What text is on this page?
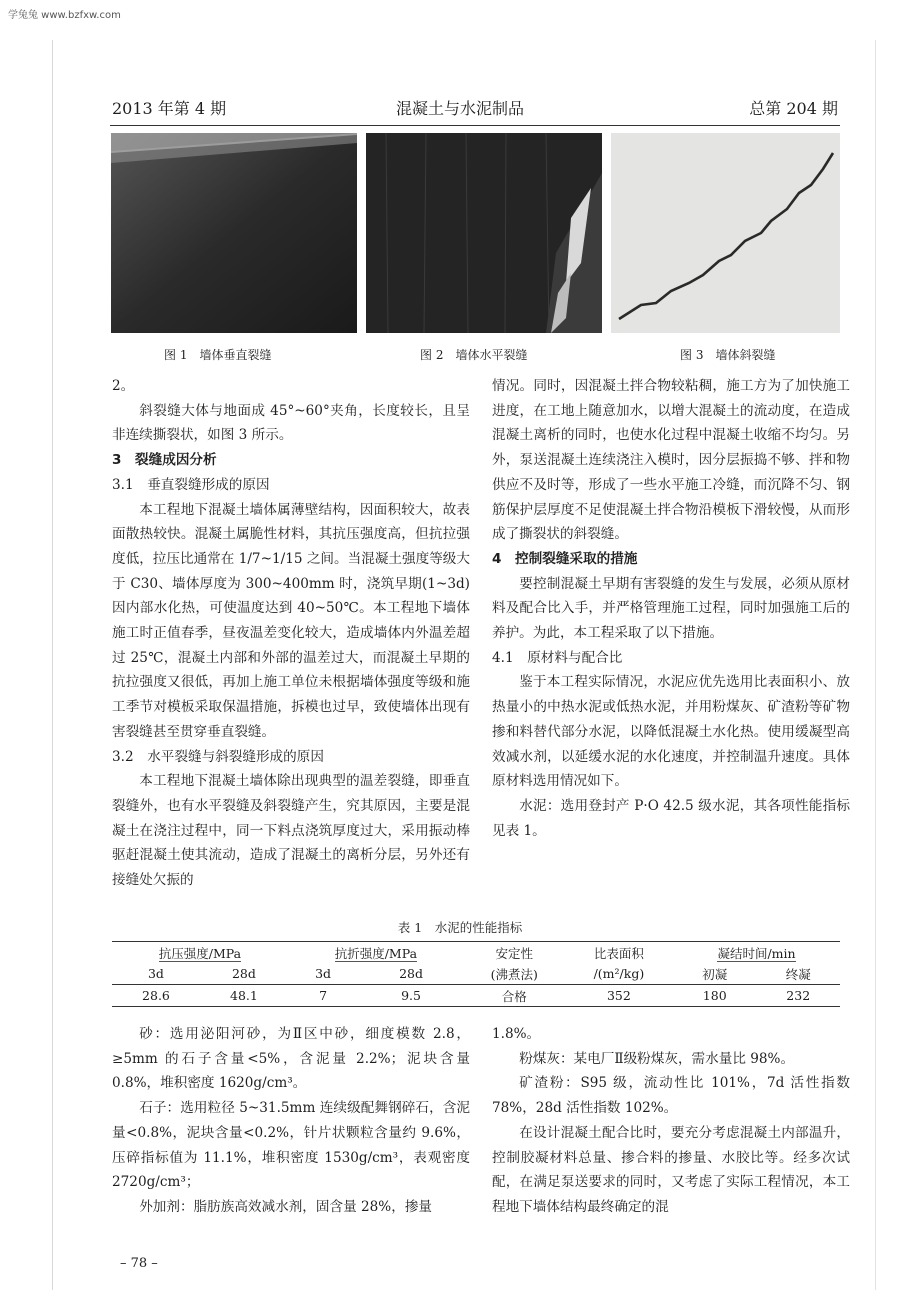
学兔兔 www.bzfxw.com
2013 年第 4 期	混凝土与水泥制品	总第 204 期
图 1　墙体垂直裂缝	图 2　墙体水平裂缝	图 3　墙体斜裂缝

2。

斜裂缝大体与地面成 45°~60°夹角，长度较长，且呈非连续撕裂状，如图 3 所示。

3　裂缝成因分析

3.1　垂直裂缝形成的原因

本工程地下混凝土墙体属薄壁结构，因面积较大，故表面散热较快。混凝土属脆性材料，其抗压强度高，但抗拉强度低，拉压比通常在 1/7~1/15 之间。当混凝土强度等级大于 C30、墙体厚度为 300~400mm 时，浇筑早期(1~3d)因内部水化热，可使温度达到 40~50℃。本工程地下墙体施工时正值春季，昼夜温差变化较大，造成墙体内外温差超过 25℃，混凝土内部和外部的温差过大，而混凝土早期的抗拉强度又很低，再加上施工单位未根据墙体强度等级和施工季节对模板采取保温措施，拆模也过早，致使墙体出现有害裂缝甚至贯穿垂直裂缝。

3.2　水平裂缝与斜裂缝形成的原因

本工程地下混凝土墙体除出现典型的温差裂缝，即垂直裂缝外，也有水平裂缝及斜裂缝产生，究其原因，主要是混凝土在浇注过程中，同一下料点浇筑厚度过大，采用振动棒驱赶混凝土使其流动，造成了混凝土的离析分层，另外还有接缝处欠振的

情况。同时，因混凝土拌合物较粘稠，施工方为了加快施工进度，在工地上随意加水，以增大混凝土的流动度，在造成混凝土离析的同时，也使水化过程中混凝土收缩不均匀。另外，泵送混凝土连续浇注入模时，因分层振捣不够、拌和物供应不及时等，形成了一些水平施工冷缝，而沉降不匀、钢筋保护层厚度不足使混凝土拌合物沿模板下滑较慢，从而形成了撕裂状的斜裂缝。

4　控制裂缝采取的措施

要控制混凝土早期有害裂缝的发生与发展，必须从原材料及配合比入手，并严格管理施工过程，同时加强施工后的养护。为此，本工程采取了以下措施。

4.1　原材料与配合比

鉴于本工程实际情况，水泥应优先选用比表面积小、放热量小的中热水泥或低热水泥，并用粉煤灰、矿渣粉等矿物掺和料替代部分水泥，以降低混凝土水化热。使用缓凝型高效减水剂，以延缓水泥的水化速度，并控制温升速度。具体原材料选用情况如下。

水泥：选用登封产 P·O 42.5 级水泥，其各项性能指标见表 1。

表 1　水泥的性能指标
抗压强度/MPa		抗折强度/MPa		安定性	比表面积	凝结时间/min	
3d	28d	3d	28d	(沸煮法)	/(m²/kg)	初凝	终凝
28.6	48.1	7	9.5	合格	352	180	232

砂：选用泌阳河砂，为Ⅱ区中砂，细度模数 2.8，≥5mm 的石子含量<5%，含泥量 2.2%；泥块含量 0.8%，堆积密度 1620g/cm³。

石子：选用粒径 5~31.5mm 连续级配舞钢碎石，含泥量<0.8%，泥块含量<0.2%，针片状颗粒含量约 9.6%，压碎指标值为 11.1%，堆积密度 1530g/cm³，表观密度 2720g/cm³；

外加剂：脂肪族高效减水剂，固含量 28%，掺量

1.8%。

粉煤灰：某电厂Ⅱ级粉煤灰，需水量比 98%。

矿渣粉：S95 级，流动性比 101%，7d 活性指数 78%，28d 活性指数 102%。

在设计混凝土配合比时，要充分考虑混凝土内部温升，控制胶凝材料总量、掺合料的掺量、水胶比等。经多次试配，在满足泵送要求的同时，又考虑了实际工程情况，本工程地下墙体结构最终确定的混

– 78 –
